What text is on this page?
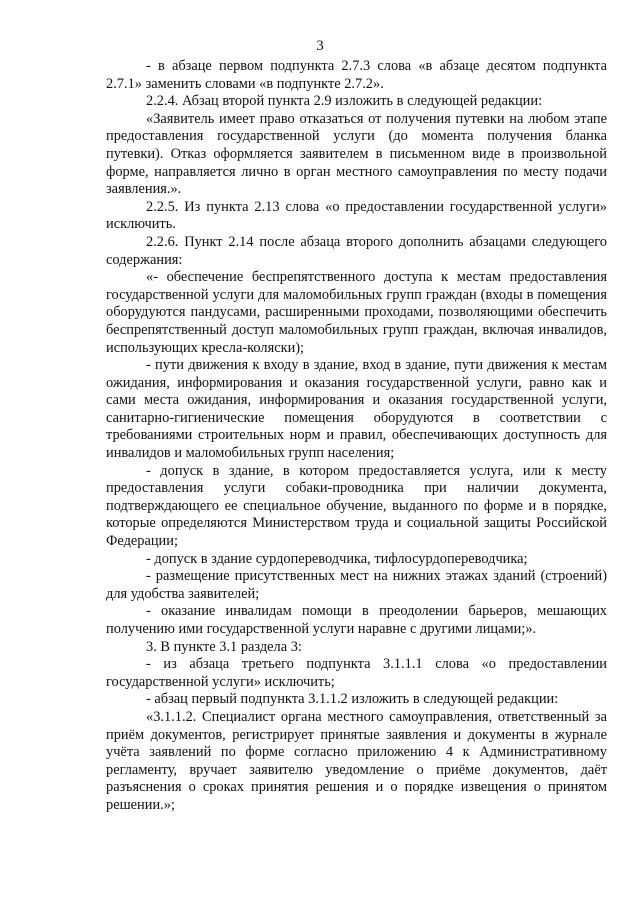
3

- в абзаце первом подпункта 2.7.3 слова «в абзаце десятом подпункта 2.7.1» заменить словами «в подпункте 2.7.2».

2.2.4. Абзац второй пункта 2.9 изложить в следующей редакции:

«Заявитель имеет право отказаться от получения путевки на любом этапе предоставления государственной услуги (до момента получения бланка путевки). Отказ оформляется заявителем в письменном виде в произвольной форме, направляется лично в орган местного самоуправления по месту подачи заявления.».

2.2.5. Из пункта 2.13 слова «о предоставлении государственной услуги» исключить.

2.2.6. Пункт 2.14 после абзаца второго дополнить абзацами следующего содержания:

«- обеспечение беспрепятственного доступа к местам предоставления государственной услуги для маломобильных групп граждан (входы в помещения оборудуются пандусами, расширенными проходами, позволяющими обеспечить беспрепятственный доступ маломобильных групп граждан, включая инвалидов, использующих кресла-коляски);

- пути движения к входу в здание, вход в здание, пути движения к местам ожидания, информирования и оказания государственной услуги, равно как и сами места ожидания, информирования и оказания государственной услуги, санитарно-гигиенические помещения оборудуются в соответствии с требованиями строительных норм и правил, обеспечивающих доступность для инвалидов и маломобильных групп населения;

- допуск в здание, в котором предоставляется услуга, или к месту предоставления услуги собаки-проводника при наличии документа, подтверждающего ее специальное обучение, выданного по форме и в порядке, которые определяются Министерством труда и социальной защиты Российской Федерации;

- допуск в здание сурдопереводчика, тифлосурдопереводчика;

- размещение присутственных мест на нижних этажах зданий (строений) для удобства заявителей;

- оказание инвалидам помощи в преодолении барьеров, мешающих получению ими государственной услуги наравне с другими лицами;».

3. В пункте 3.1 раздела 3:

- из абзаца третьего подпункта 3.1.1.1 слова «о предоставлении государственной услуги» исключить;

- абзац первый подпункта 3.1.1.2 изложить в следующей редакции:

«3.1.1.2. Специалист органа местного самоуправления, ответственный за приём документов, регистрирует принятые заявления и документы в журнале учёта заявлений по форме согласно приложению 4 к Административному регламенту, вручает заявителю уведомление о приёме документов, даёт разъяснения о сроках принятия решения и о порядке извещения о принятом решении.»;
